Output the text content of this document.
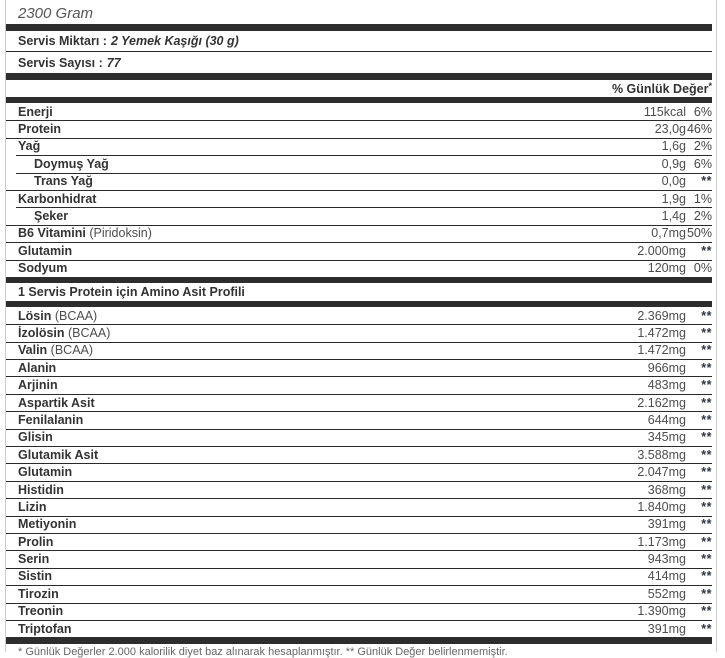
2300 Gram
Servis Miktarı : 2 Yemek Kaşığı (30 g)
Servis Sayısı : 77
% Günlük Değer*
Enerji	115kcal 6%
Protein	23,0g 46%
Yağ	1,6g 2%
Doymuş Yağ	0,9g 6%
Trans Yağ	0,0g	**
Karbonhidrat	1,9g 1%
Şeker	1,4g 2%
B6 Vitamini (Piridoksin)	0,7mg 50%
Glutamin	2.000mg	**
Sodyum	120mg 0%
1 Servis Protein için Amino Asit Profili
Lösin (BCAA)	2.369mg	**
İzolösin (BCAA)	1.472mg	**
Valin (BCAA)	1.472mg	**
Alanin	966mg	**
Arjinin	483mg	**
Aspartik Asit	2.162mg	**
Fenilalanin	644mg	**
Glisin	345mg	**
Glutamik Asit	3.588mg	**
Glutamin	2.047mg	**
Histidin	368mg	**
Lizin	1.840mg	**
Metiyonin	391mg	**
Prolin	1.173mg	**
Serin	943mg	**
Sistin	414mg	**
Tirozin	552mg	**
Treonin	1.390mg	**
Triptofan	391mg	**
* Günlük Değerler 2.000 kalorilik diyet baz alınarak hesaplanmıştır. ** Günlük Değer belirlenmemiştir.
